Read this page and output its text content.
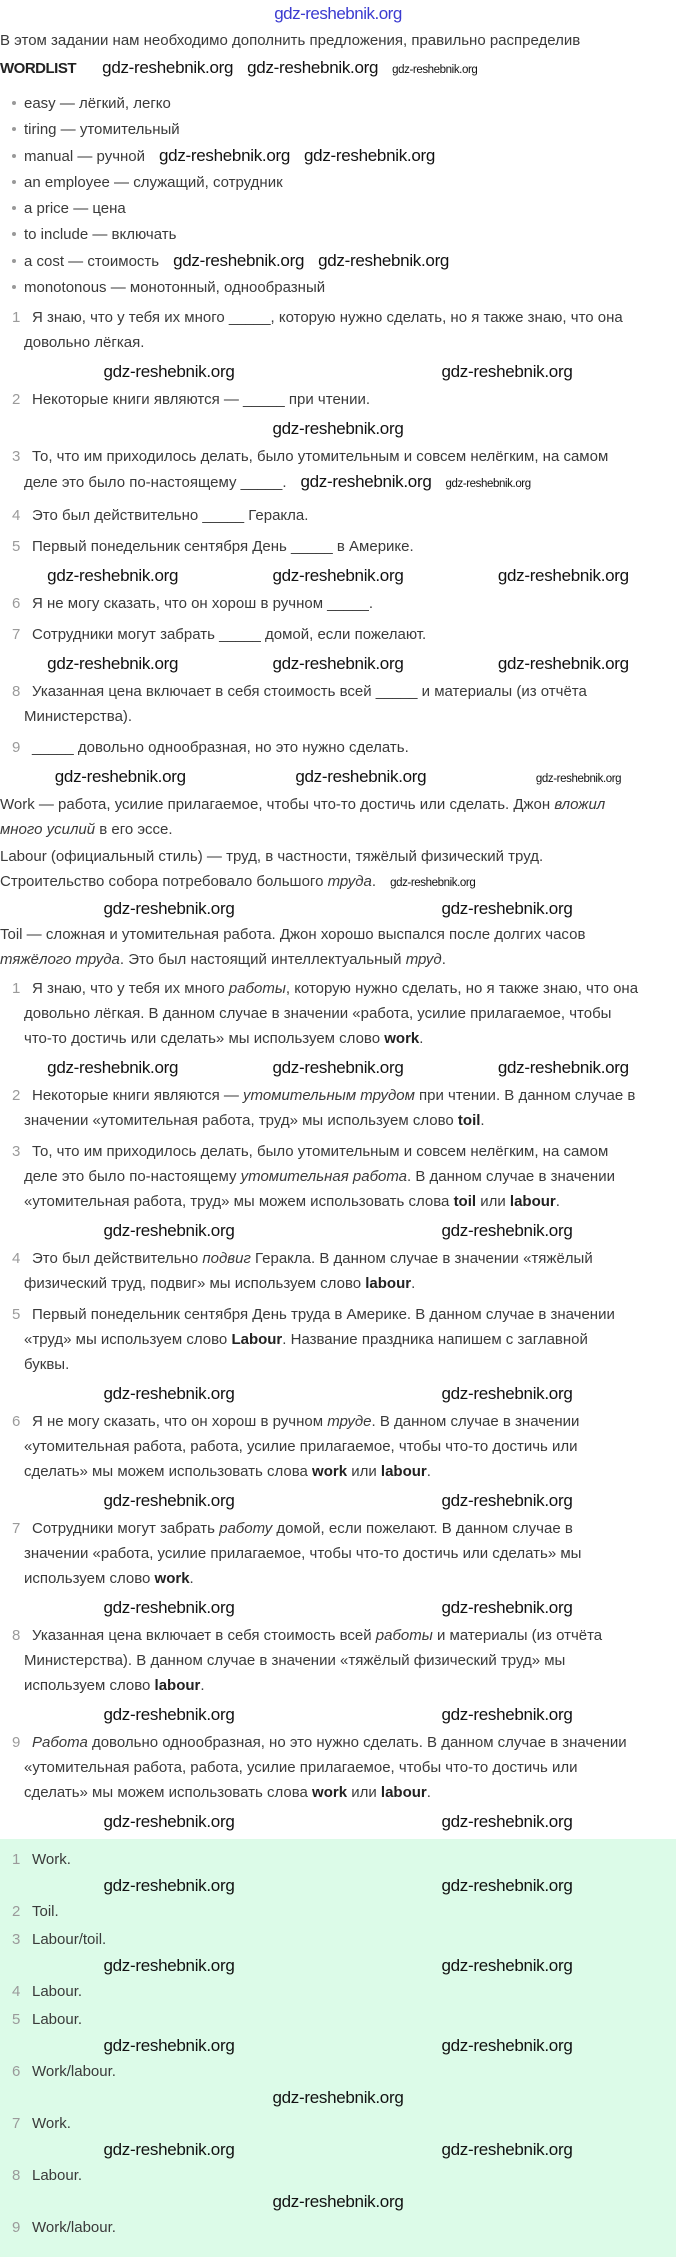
gdz-reshebnik.org
В этом задании нам необходимо дополнить предложения, правильно распределив
WORDLIST gdz-reshebnik.org gdz-reshebnik.org gdz-reshebnik.org
easy — лёгкий, легко
tiring — утомительный
manual — ручной gdz-reshebnik.org gdz-reshebnik.org
an employee — служащий, сотрудник
a price — цена
to include — включать
a cost — стоимость gdz-reshebnik.org gdz-reshebnik.org
monotonous — монотонный, однообразный
1 Я знаю, что у тебя их много _____, которую нужно сделать, но я также знаю, что она
довольно лёгкая.
gdz-reshebnik.org	gdz-reshebnik.org
2 Некоторые книги являются — _____ при чтении.
gdz-reshebnik.org
3 То, что им приходилось делать, было утомительным и совсем нелёгким, на самом
деле это было по-настоящему _____. gdz-reshebnik.org gdz-reshebnik.org
4 Это был действительно _____ Геракла.
5 Первый понедельник сентября День _____ в Америке.
gdz-reshebnik.org	gdz-reshebnik.org	gdz-reshebnik.org
6 Я не могу сказать, что он хорош в ручном _____.
7 Сотрудники могут забрать _____ домой, если пожелают.
gdz-reshebnik.org	gdz-reshebnik.org	gdz-reshebnik.org
8 Указанная цена включает в себя стоимость всей _____ и материалы (из отчёта
Министерства).
9 _____ довольно однообразная, но это нужно сделать.
gdz-reshebnik.org	gdz-reshebnik.org	gdz-reshebnik.org
Work — работа, усилие прилагаемое, чтобы что-то достичь или сделать. Джон вложил
много усилий в его эссе.
Labour (официальный стиль) — труд, в частности, тяжёлый физический труд.
Строительство собора потребовало большого труда. gdz-reshebnik.org
gdz-reshebnik.org	gdz-reshebnik.org
Toil — сложная и утомительная работа. Джон хорошо выспался после долгих часов
тяжёлого труда. Это был настоящий интеллектуальный труд.
1 Я знаю, что у тебя их много работы, которую нужно сделать, но я также знаю, что она
довольно лёгкая. В данном случае в значении «работа, усилие прилагаемое, чтобы
что-то достичь или сделать» мы используем слово work.
gdz-reshebnik.org	gdz-reshebnik.org	gdz-reshebnik.org
2 Некоторые книги являются — утомительным трудом при чтении. В данном случае в
значении «утомительная работа, труд» мы используем слово toil.
3 То, что им приходилось делать, было утомительным и совсем нелёгким, на самом
деле это было по-настоящему утомительная работа. В данном случае в значении
«утомительная работа, труд» мы можем использовать слова toil или labour.
gdz-reshebnik.org	gdz-reshebnik.org
4 Это был действительно подвиг Геракла. В данном случае в значении «тяжёлый
физический труд, подвиг» мы используем слово labour.
5 Первый понедельник сентября День труда в Америке. В данном случае в значении
«труд» мы используем слово Labour. Название праздника напишем с заглавной
буквы.
gdz-reshebnik.org	gdz-reshebnik.org
6 Я не могу сказать, что он хорош в ручном труде. В данном случае в значении
«утомительная работа, работа, усилие прилагаемое, чтобы что-то достичь или
сделать» мы можем использовать слова work или labour.
gdz-reshebnik.org	gdz-reshebnik.org
7 Сотрудники могут забрать работу домой, если пожелают. В данном случае в
значении «работа, усилие прилагаемое, чтобы что-то достичь или сделать» мы
используем слово work.
gdz-reshebnik.org	gdz-reshebnik.org
8 Указанная цена включает в себя стоимость всей работы и материалы (из отчёта
Министерства). В данном случае в значении «тяжёлый физический труд» мы
используем слово labour.
gdz-reshebnik.org	gdz-reshebnik.org
9 Работа довольно однообразная, но это нужно сделать. В данном случае в значении
«утомительная работа, работа, усилие прилагаемое, чтобы что-то достичь или
сделать» мы можем использовать слова work или labour.
gdz-reshebnik.org	gdz-reshebnik.org
1 Work.
gdz-reshebnik.org	gdz-reshebnik.org
2 Toil.
3 Labour/toil.
gdz-reshebnik.org	gdz-reshebnik.org
4 Labour.
5 Labour.
gdz-reshebnik.org	gdz-reshebnik.org
6 Work/labour.
gdz-reshebnik.org
7 Work.
gdz-reshebnik.org	gdz-reshebnik.org
8 Labour.
gdz-reshebnik.org
9 Work/labour.
